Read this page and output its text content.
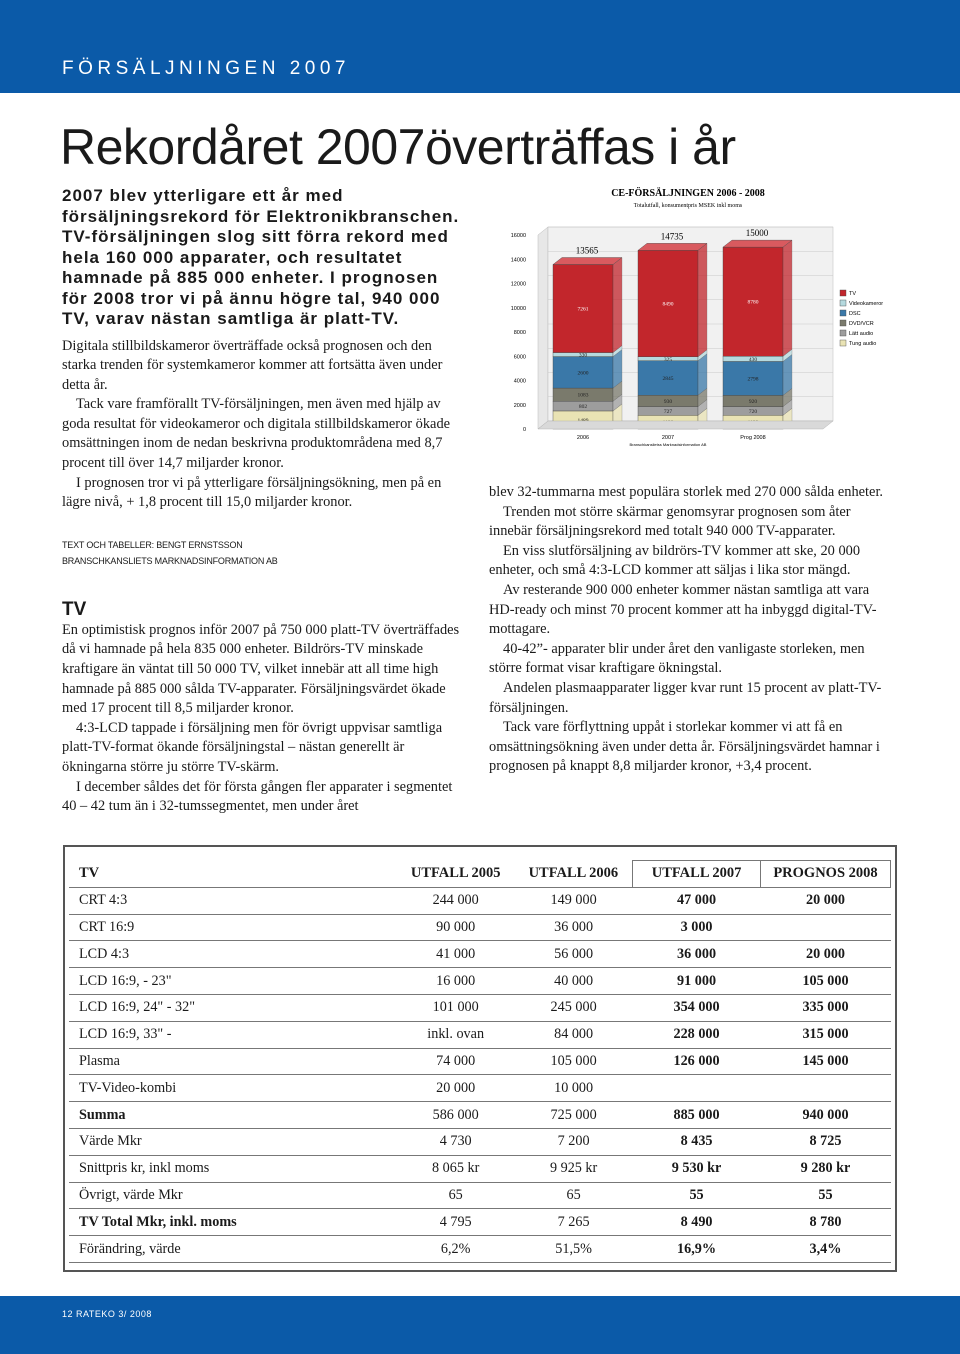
FÖRSÄLJNINGEN 2007
Rekordåret 2007överträffas i år

2007 blev ytterligare ett år med försäljningsrekord för Elektronikbranschen. TV-försäljningen slog sitt förra rekord med hela 160 000 apparater, och resultatet hamnade på 885 000 enheter. I prognosen för 2008 tror vi på ännu högre tal, 940 000 TV, varav nästan samtliga är platt-TV.

Digitala stillbildskameror överträffade också prognosen och den starka trenden för systemkameror kommer att fortsätta även under detta år.

Tack vare framförallt TV-försäljningen, men även med hjälp av goda resultat för videokameror och digitala stillbildskameror ökade omsättningen inom de nedan beskrivna produktområdena med 8,7 procent till över 14,7 miljarder kronor.

I prognosen tror vi på ytterligare försäljningsökning, men på en lägre nivå, + 1,8 procent till 15,0 miljarder kronor.

TEXT OCH TABELLER: BENGT ERNSTSSON
BRANSCHKANSLIETS MARKNADSINFORMATION AB
TV

En optimistisk prognos inför 2007 på 750 000 platt-TV överträffades då vi hamnade på hela 835 000 enheter. Bildrörs-TV minskade kraftigare än väntat till 50 000 TV, vilket innebär att all time high hamnade på 885 000 sålda TV-apparater. Försäljningsvärdet ökade med 17 procent till 8,5 miljarder kronor.

4:3-LCD tappade i försäljning men för övrigt uppvisar samtliga platt-TV-format ökande försäljningstal – nästan generellt är ökningarna större ju större TV-skärm.

I december såldes det för första gången fler apparater i segmentet 40 – 42 tum än i 32-tumssegmentet, men under året

blev 32-tummarna mest populära storlek med 270 000 sålda enheter.

Trenden mot större skärmar genomsyrar prognosen som åter innebär försäljningsrekord med totalt 940 000 TV-apparater.

En viss slutförsäljning av bildrörs-TV kommer att ske, 20 000 enheter, och små 4:3-LCD kommer att säljas i lika stor mängd.

Av resterande 900 000 enheter kommer nästan samtliga att vara HD-ready och minst 70 procent kommer att ha inbyggd digital-TV-mottagare.

40-42”- apparater blir under året den vanligaste storleken, men större format visar kraftigare ökningstal.

Andelen plasmaapparater ligger kvar runt 15 procent av platt-TV-försäljningen.

Tack vare förflyttning uppåt i storlekar kommer vi att få en omsättningsökning även under detta år. Försäljningsvärdet hamnar i prognosen på knappt 8,8 miljarder kronor, +3,4 procent.

CE-FÖRSÄLJNINGEN 2006 - 2008
Totalutfall, konsumentpris MSEK inkl moms
0
2000
4000
6000
8000
10000
12000
14000
16000
802
1083
2600
330
7261
13565
2006
727
930
2845
325
8490
14735
2007
Branschkanslietss Marknadsinformation AB
720
920
2798
430
8780
15000
Prog 2008
TV
Videokameror
DSC
DVD/VCR
Lätt audio
Tung audio
TV	UTFALL 2005	UTFALL 2006	UTFALL 2007	PROGNOS 2008
CRT 4:3	244 000	149 000	47 000	20 000
CRT 16:9	90 000	36 000	3 000	
LCD 4:3	41 000	56 000	36 000	20 000
LCD 16:9, - 23"	16 000	40 000	91 000	105 000
LCD 16:9, 24" - 32"	101 000	245 000	354 000	335 000
LCD 16:9, 33" -	inkl. ovan	84 000	228 000	315 000
Plasma	74 000	105 000	126 000	145 000
TV-Video-kombi	20 000	10 000		
Summa	586 000	725 000	885 000	940 000
Värde Mkr	4 730	7 200	8 435	8 725
Snittpris kr, inkl moms	8 065 kr	9 925 kr	9 530 kr	9 280 kr
Övrigt, värde Mkr	65	65	55	55
TV Total Mkr, inkl. moms	4 795	7 265	8 490	8 780
Förändring, värde	6,2%	51,5%	16,9%	3,4%
12 RATEKO 3/ 2008
